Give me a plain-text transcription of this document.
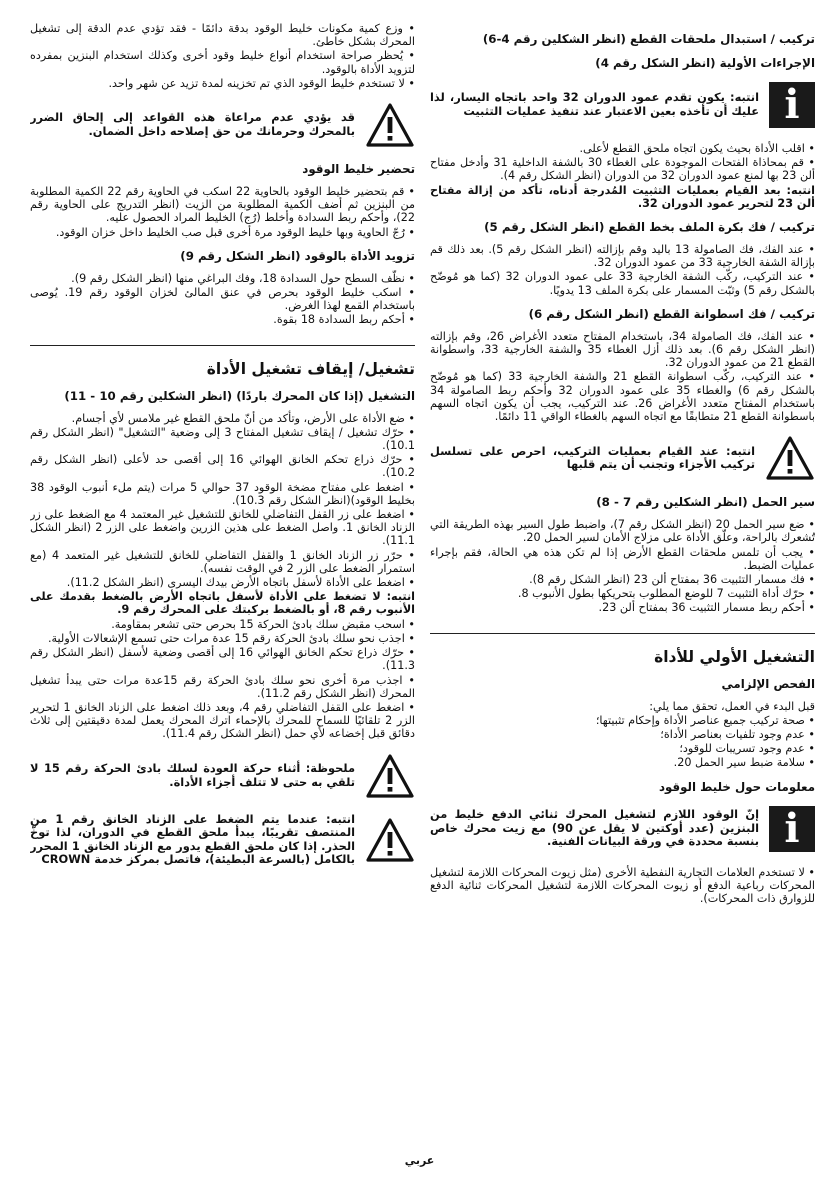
تركيب / استبدال ملحقات القطع (انظر الشكلين رقم 4-6)
الإجراءات الأولية (انظر الشكل رقم 4)
i
انتبه: يكون تقدم عمود الدوران 32 واحد باتجاه اليسار، لذا عليك أن تأخذه بعين الاعتبار عند تنفيذ عمليات التثبيت

• اقلب الأداة بحيث يكون اتجاه ملحق القطع لأعلى.

• قم بمحاذاة الفتحات الموجودة على الغطاء 30 بالشفة الداخلية 31 وأدخل مفتاح ألن 23 بها لمنع عمود الدوران 32 من الدوران (انظر الشكل رقم 4).

انتبه: بعد القيام بعمليات التثبيت المُدرجة أدناه، تأكد من إزالة مفتاح ألن 23 لتحرير عمود الدوران 32.

تركيب / فك بكرة الملف بخط القطع (انظر الشكل رقم 5)

• عند الفك، فك الصامولة 13 باليد وقم بإزالته (انظر الشكل رقم 5). بعد ذلك قم بإزالة الشفة الخارجية 33 من عمود الدوران 32.

• عند التركيب، ركّب الشفة الخارجية 33 على عمود الدوران 32 (كما هو مُوضّح بالشكل رقم 5) وثبّت المسمار على بكرة الملف 13 يدويًا.

تركيب / فك اسطوانة القطع (انظر الشكل رقم 6)

• عند الفك، فك الصامولة 34، باستخدام المفتاح متعدد الأغراض 26، وقم بإزالته (انظر الشكل رقم 6). بعد ذلك أزل الغطاء 35 والشفة الخارجية 33، واسطوانة القطع 21 من عمود الدوران 32.

• عند التركيب، ركّب اسطوانة القطع 21 والشفة الخارجية 33 (كما هو مُوضّح بالشكل رقم 6) والغطاء 35 على عمود الدوران 32 وأحكم ربط الصامولة 34 باستخدام المفتاح متعدد الأغراض 26. عند التركيب، يجب أن يكون اتجاه السهم باسطوانة القطع 21 متطابقًا مع اتجاه السهم بالغطاء الواقي 11 دائمًا.

انتبه: عند القيام بعمليات التركيب، احرص على تسلسل تركيب الأجزاء وتجنب أن يتم قلبها
سير الحمل (انظر الشكلين رقم 7 - 8)

• ضع سير الحمل 20 (انظر الشكل رقم 7)، واضبط طول السير بهذه الطريقة التي تُشعرك بالراحة، وعلّق الأداة على مزلاج الأمان لسير الحمل 20.

• يجب أن تلمس ملحقات القطع الأرض إذا لم تكن هذه هي الحالة، فقم بإجراء عمليات الضبط.

• فك مسمار التثبيت 36 بمفتاح ألن 23 (انظر الشكل رقم 8).

• حرّك أداة التثبيت 7 للوضع المطلوب بتحريكها بطول الأنبوب 8.

• أحكم ربط مسمار التثبيت 36 بمفتاح ألن 23.

التشغيل الأولي للأداة
الفحص الإلزامي

قبل البدء في العمل، تحقق مما يلي:

• صحة تركيب جميع عناصر الأداة وإحكام تثبيتها؛

• عدم وجود تلفيات بعناصر الأداة؛

• عدم وجود تسريبات للوقود؛

• سلامة ضبط سير الحمل 20.

معلومات حول خليط الوقود
i
إنّ الوقود اللازم لتشغيل المحرك ثنائي الدفع خليط من البنزين (عدد أوكتين لا يقل عن 90) مع زيت محرك خاص بنسبة محددة في ورقة البيانات الفنية.

• لا تستخدم العلامات التجارية النفطية الأخرى (مثل زيوت المحركات اللازمة لتشغيل المحركات رباعية الدفع أو زيوت المحركات اللازمة لتشغيل المحركات ثنائية الدفع للزوارق ذات المحركات).

• وزع كمية مكونات خليط الوقود بدقة دائمًا - فقد تؤدي عدم الدقة إلى تشغيل المحرك بشكل خاطئ.

• يُحظر صراحة استخدام أنواع خليط وقود أخرى وكذلك استخدام البنزين بمفرده لتزويد الأداة بالوقود.

• لا تستخدم خليط الوقود الذي تم تخزينه لمدة تزيد عن شهر واحد.

قد يؤدي عدم مراعاة هذه القواعد إلى إلحاق الضرر بالمحرك وحرمانك من حق إصلاحه داخل الضمان.
تحضير خليط الوقود

• قم بتحضير خليط الوقود بالحاوية 22 اسكب في الحاوية رقم 22 الكمية المطلوبة من البنزين ثم أضف الكمية المطلوبة من الزيت (انظر التدريج على الحاوية رقم 22)، وأحكم ربط السدادة وأخلط (رُج) الخليط المراد الحصول عليه.

• رُجّ الحاوية وبها خليط الوقود مرة أخرى قبل صب الخليط داخل خزان الوقود.

تزويد الأداة بالوقود (انظر الشكل رقم 9)

• نظّف السطح حول السدادة 18، وفك البراغي منها (انظر الشكل رقم 9).

• اسكب خليط الوقود بحرص في عنق المالئ لخزان الوقود رقم 19. يُوصى باستخدام القمع لهذا الغرض.

• أحكم ربط السدادة 18 بقوة.

تشغيل/ إيقاف تشغيل الأداة
التشغيل (إذا كان المحرك باردًا) (انظر الشكلين رقم 10 - 11)

• ضع الأداة على الأرض، وتأكد من أنّ ملحق القطع غير ملامس لأي أجسام.

• حرّك تشغيل / إيقاف تشغيل المفتاح 3 إلى وضعية "التشغيل" (انظر الشكل رقم 10.1).

• حرّك ذراع تحكم الخانق الهوائي 16 إلى أقصى حد لأعلى (انظر الشكل رقم 10.2).

• اضغط على مفتاح مضخة الوقود 37 حوالي 5 مرات (يتم ملء أنبوب الوقود 38 بخليط الوقود)(انظر الشكل رقم 10.3).

• اضغط على زر القفل التفاضلي للخانق للتشغيل غير المعتمد 4 مع الضغط على زر الزناد الخانق 1. واصل الضغط على هذين الزرين واضغط على الزر 2 (انظر الشكل 11.1).

• حرّر زر الزناد الخانق 1 والقفل التفاضلي للخانق للتشغيل غير المتعمد 4 (مع استمرار الضغط على الزر 2 في الوقت نفسه).

• اضغط على الأداة لأسفل باتجاه الأرض بيدك اليسرى (انظر الشكل 11.2).

انتبه: لا تضغط على الأداة لأسفل باتجاه الأرض بالضغط بقدمك على الأنبوب رقم 8، أو بالضغط بركبتك على المحرك رقم 9.

• اسحب مقبض سلك بادئ الحركة 15 بحرص حتى تشعر بمقاومة.

• اجذب نحو سلك بادئ الحركة رقم 15 عدة مرات حتى تسمع الإشعالات الأولية.

• حرّك ذراع تحكم الخانق الهوائي 16 إلى أقصى وضعية لأسفل (انظر الشكل رقم 11.3).

• اجذب مرة أخرى نحو سلك بادئ الحركة رقم 15عدة مرات حتى يبدأ تشغيل المحرك (انظر الشكل رقم 11.2).

• اضغط على القفل التفاضلي رقم 4، وبعد ذلك اضغط على الزناد الخانق 1 لتحرير الزر 2 تلقائيًا للسماح للمحرك بالإحماء اترك المحرك يعمل لمدة دقيقتين إلى ثلاث دقائق قبل إخضاعه لأي حمل (انظر الشكل رقم 11.4).

ملحوظة: أثناء حركة العودة لسلك بادئ الحركة رقم 15 لا تلقي به حتى لا تتلف أجزاء الأداة.
انتبه: عندما يتم الضغط على الزناد الخانق رقم 1 من المنتصف تقريبًا، يبدأ ملحق القطع في الدوران، لذا توخّ الحذر. إذا كان ملحق القطع يدور مع الزناد الخانق 1 المحرر بالكامل (بالسرعة البطيئة)، فاتصل بمركز خدمة CROWN
عربي
